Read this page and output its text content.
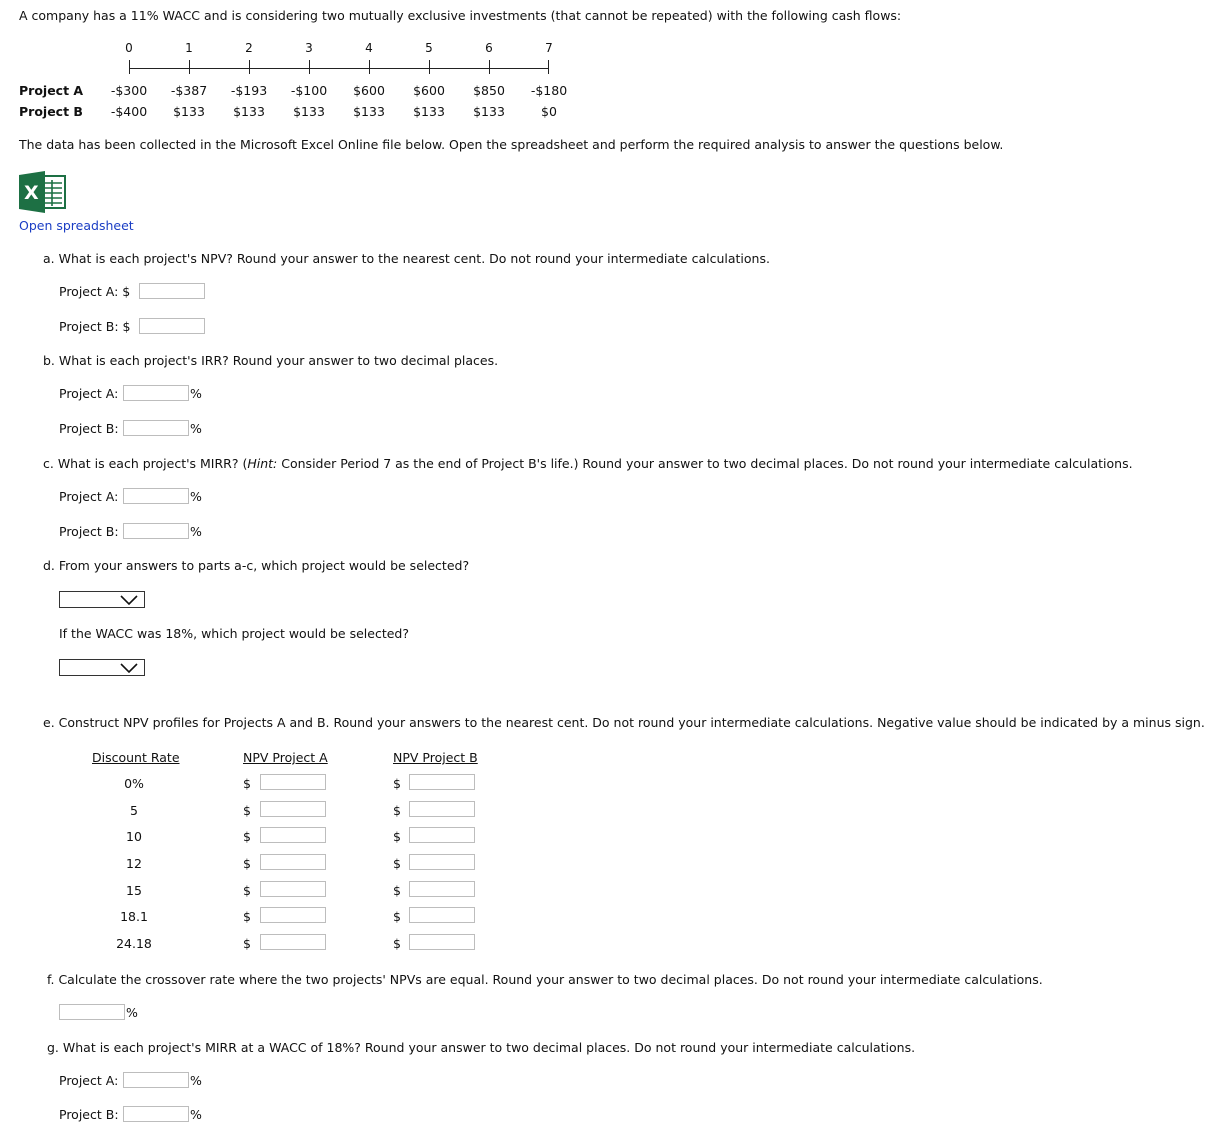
A company has a 11% WACC and is considering two mutually exclusive investments (that cannot be repeated) with the following cash flows:
0	1	2	3	4	5	6	7
Project A	-$300	-$387	-$193	-$100	$600	$600	$850	-$180
Project B	-$400	$133	$133	$133	$133	$133	$133	$0
The data has been collected in the Microsoft Excel Online file below. Open the spreadsheet and perform the required analysis to answer the questions below.
X
Open spreadsheet
a. What is each project's NPV? Round your answer to the nearest cent. Do not round your intermediate calculations.
Project A: $
Project B: $
b. What is each project's IRR? Round your answer to two decimal places.
Project A:	%
Project B:	%
c. What is each project's MIRR? (Hint: Consider Period 7 as the end of Project B's life.) Round your answer to two decimal places. Do not round your intermediate calculations.
Project A:	%
Project B:	%
d. From your answers to parts a-c, which project would be selected?
If the WACC was 18%, which project would be selected?
e. Construct NPV profiles for Projects A and B. Round your answers to the nearest cent. Do not round your intermediate calculations. Negative value should be indicated by a minus sign.
Discount Rate	NPV Project A	NPV Project B
0%	$	$
5	$	$
10	$	$
12	$	$
15	$	$
18.1	$	$
24.18	$	$
f. Calculate the crossover rate where the two projects' NPVs are equal. Round your answer to two decimal places. Do not round your intermediate calculations.
%
g. What is each project's MIRR at a WACC of 18%? Round your answer to two decimal places. Do not round your intermediate calculations.
Project A:	%
Project B:	%
